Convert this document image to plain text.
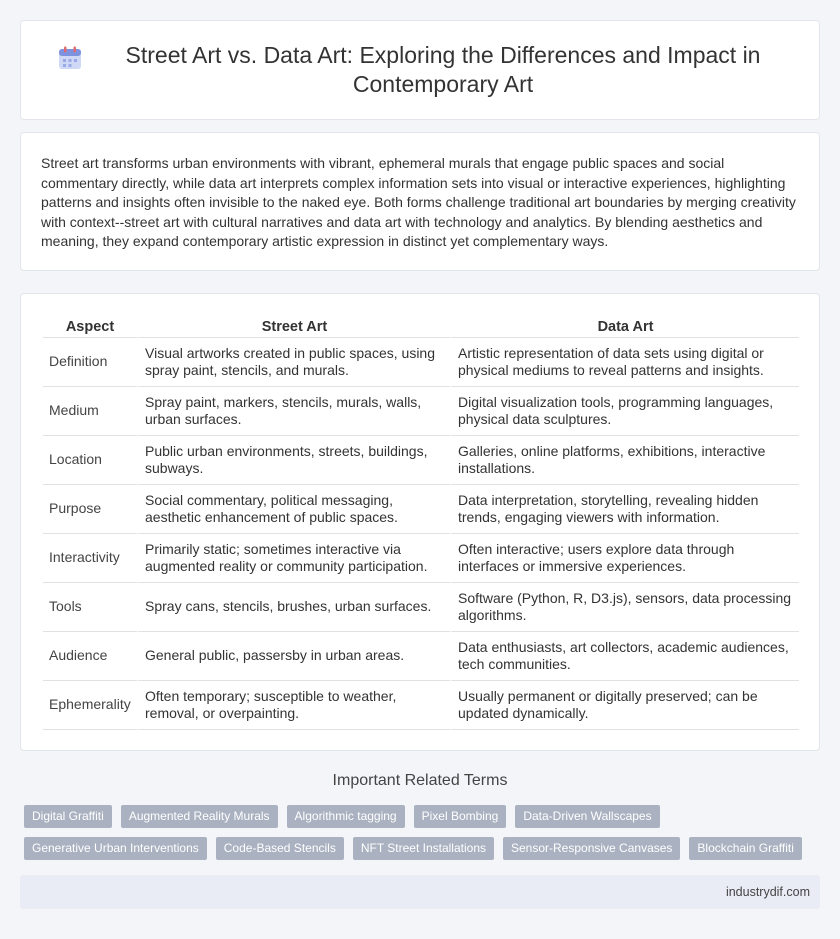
Street Art vs. Data Art: Exploring the Differences and Impact in Contemporary Art

Street art transforms urban environments with vibrant, ephemeral murals that engage public spaces and social commentary directly, while data art interprets complex information sets into visual or interactive experiences, highlighting patterns and insights often invisible to the naked eye. Both forms challenge traditional art boundaries by merging creativity with context--street art with cultural narratives and data art with technology and analytics. By blending aesthetics and meaning, they expand contemporary artistic expression in distinct yet complementary ways.

Aspect	Street Art	Data Art
Definition	Visual artworks created in public spaces, using spray paint, stencils, and murals.	Artistic representation of data sets using digital or physical mediums to reveal patterns and insights.
Medium	Spray paint, markers, stencils, murals, walls, urban surfaces.	Digital visualization tools, programming languages, physical data sculptures.
Location	Public urban environments, streets, buildings, subways.	Galleries, online platforms, exhibitions, interactive installations.
Purpose	Social commentary, political messaging, aesthetic enhancement of public spaces.	Data interpretation, storytelling, revealing hidden trends, engaging viewers with information.
Interactivity	Primarily static; sometimes interactive via augmented reality or community participation.	Often interactive; users explore data through interfaces or immersive experiences.
Tools	Spray cans, stencils, brushes, urban surfaces.	Software (Python, R, D3.js), sensors, data processing algorithms.
Audience	General public, passersby in urban areas.	Data enthusiasts, art collectors, academic audiences, tech communities.
Ephemerality	Often temporary; susceptible to weather, removal, or overpainting.	Usually permanent or digitally preserved; can be updated dynamically.
Important Related Terms
Digital Graffiti	Augmented Reality Murals	Algorithmic tagging	Pixel Bombing	Data-Driven Wallscapes
Generative Urban Interventions	Code-Based Stencils	NFT Street Installations	Sensor-Responsive Canvases	Blockchain Graffiti
industrydif.com
